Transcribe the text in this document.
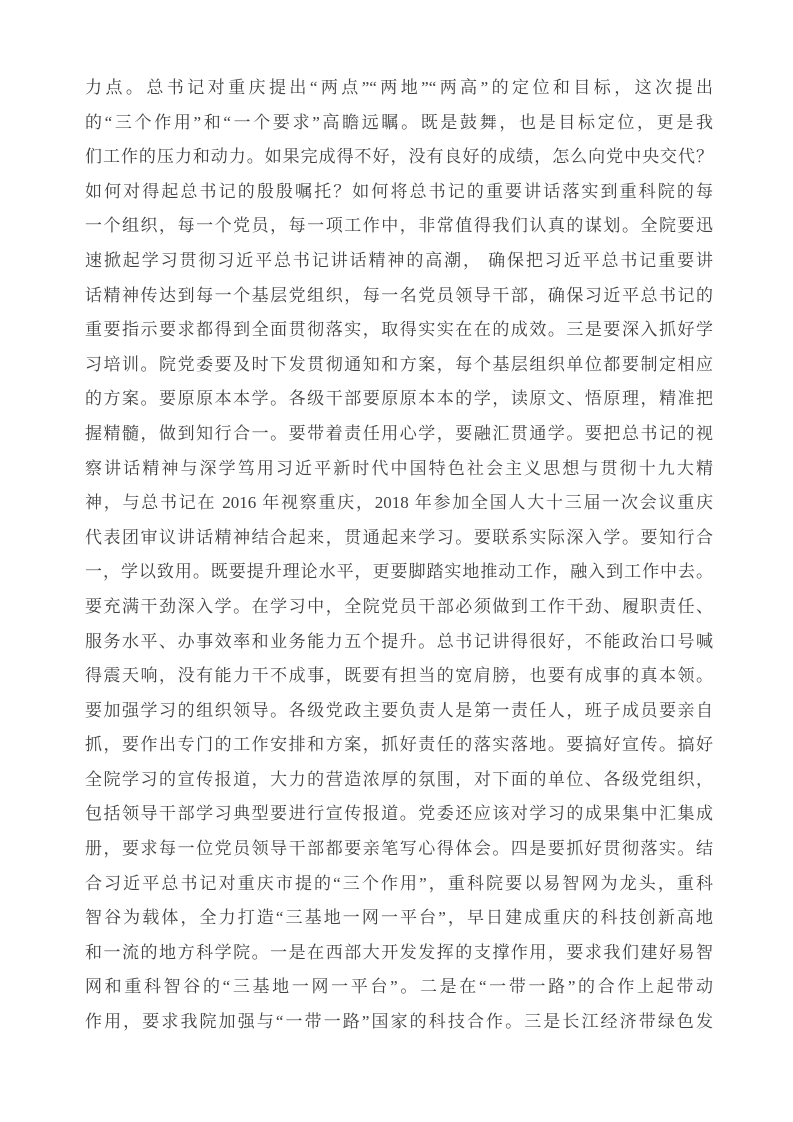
力点。总书记对重庆提出“两点”“两地”“两高”的定位和目标，这次提出
的“三个作用”和“一个要求”高瞻远瞩。既是鼓舞，也是目标定位，更是我
们工作的压力和动力。如果完成得不好，没有良好的成绩，怎么向党中央交代？
如何对得起总书记的殷殷嘱托？如何将总书记的重要讲话落实到重科院的每
一个组织，每一个党员，每一项工作中，非常值得我们认真的谋划。全院要迅
速掀起学习贯彻习近平总书记讲话精神的高潮， 确保把习近平总书记重要讲
话精神传达到每一个基层党组织，每一名党员领导干部，确保习近平总书记的
重要指示要求都得到全面贯彻落实，取得实实在在的成效。三是要深入抓好学
习培训。院党委要及时下发贯彻通知和方案，每个基层组织单位都要制定相应
的方案。要原原本本学。各级干部要原原本本的学，读原文、悟原理，精准把
握精髓，做到知行合一。要带着责任用心学，要融汇贯通学。要把总书记的视
察讲话精神与深学笃用习近平新时代中国特色社会主义思想与贯彻十九大精
神，与总书记在 2016 年视察重庆，2018 年参加全国人大十三届一次会议重庆
代表团审议讲话精神结合起来，贯通起来学习。要联系实际深入学。要知行合
一，学以致用。既要提升理论水平，更要脚踏实地推动工作，融入到工作中去。
要充满干劲深入学。在学习中，全院党员干部必须做到工作干劲、履职责任、
服务水平、办事效率和业务能力五个提升。总书记讲得很好，不能政治口号喊
得震天响，没有能力干不成事，既要有担当的宽肩膀，也要有成事的真本领。
要加强学习的组织领导。各级党政主要负责人是第一责任人，班子成员要亲自
抓，要作出专门的工作安排和方案，抓好责任的落实落地。要搞好宣传。搞好
全院学习的宣传报道，大力的营造浓厚的氛围，对下面的单位、各级党组织，
包括领导干部学习典型要进行宣传报道。党委还应该对学习的成果集中汇集成
册，要求每一位党员领导干部都要亲笔写心得体会。四是要抓好贯彻落实。结
合习近平总书记对重庆市提的“三个作用”，重科院要以易智网为龙头，重科
智谷为载体，全力打造“三基地一网一平台”，早日建成重庆的科技创新高地
和一流的地方科学院。一是在西部大开发发挥的支撑作用，要求我们建好易智
网和重科智谷的“三基地一网一平台”。二是在“一带一路”的合作上起带动
作用，要求我院加强与“一带一路”国家的科技合作。三是长江经济带绿色发
